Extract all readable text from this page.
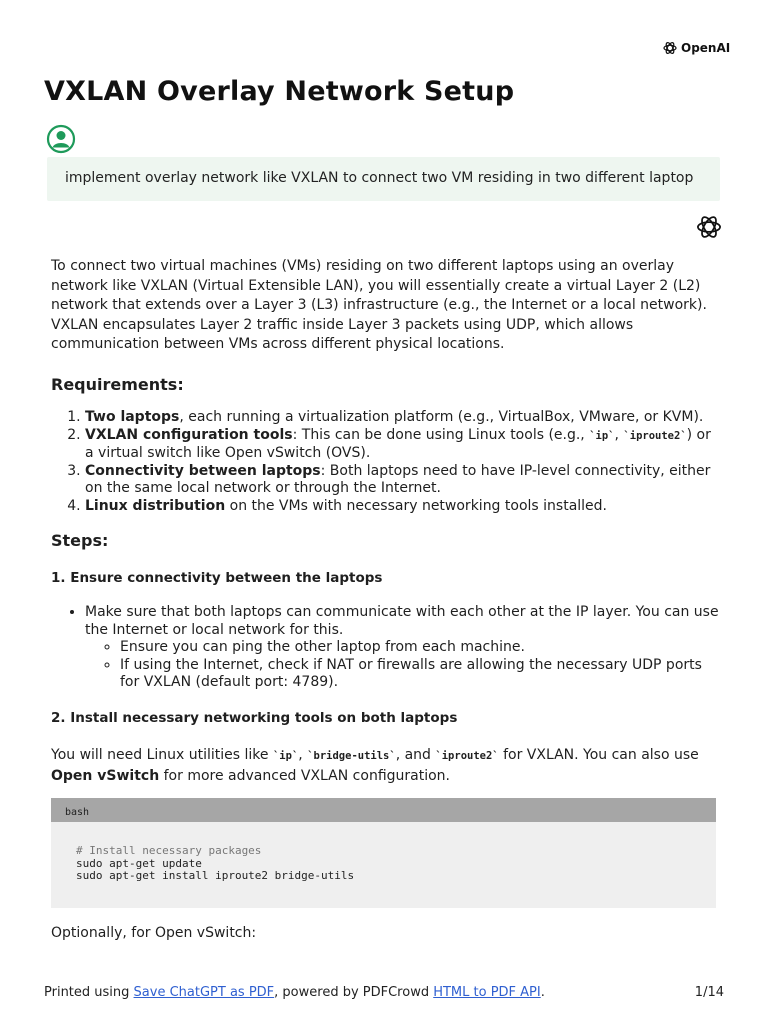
OpenAI
VXLAN Overlay Network Setup
implement overlay network like VXLAN to connect two VM residing in two different laptop

To connect two virtual machines (VMs) residing on two different laptops using an overlay network like VXLAN (Virtual Extensible LAN), you will essentially create a virtual Layer 2 (L2) network that extends over a Layer 3 (L3) infrastructure (e.g., the Internet or a local network). VXLAN encapsulates Layer 2 traffic inside Layer 3 packets using UDP, which allows communication between VMs across different physical locations.

Requirements:
1. Two laptops, each running a virtualization platform (e.g., VirtualBox, VMware, or KVM).
2. VXLAN configuration tools: This can be done using Linux tools (e.g., `ip`, `iproute2`) or a virtual switch like Open vSwitch (OVS).
3. Connectivity between laptops: Both laptops need to have IP-level connectivity, either on the same local network or through the Internet.
4. Linux distribution on the VMs with necessary networking tools installed.
Steps:
1. Ensure connectivity between the laptops
• Make sure that both laptops can communicate with each other at the IP layer. You can use the Internet or local network for this.
◦ Ensure you can ping the other laptop from each machine.
◦ If using the Internet, check if NAT or firewalls are allowing the necessary UDP ports for VXLAN (default port: 4789).
2. Install necessary networking tools on both laptops

You will need Linux utilities like `ip`, `bridge-utils`, and `iproute2` for VXLAN. You can also use Open vSwitch for more advanced VXLAN configuration.

bash
# Install necessary packages
sudo apt-get update
sudo apt-get install iproute2 bridge-utils

Optionally, for Open vSwitch:

Printed using Save ChatGPT as PDF, powered by PDFCrowd HTML to PDF API.	1/14
